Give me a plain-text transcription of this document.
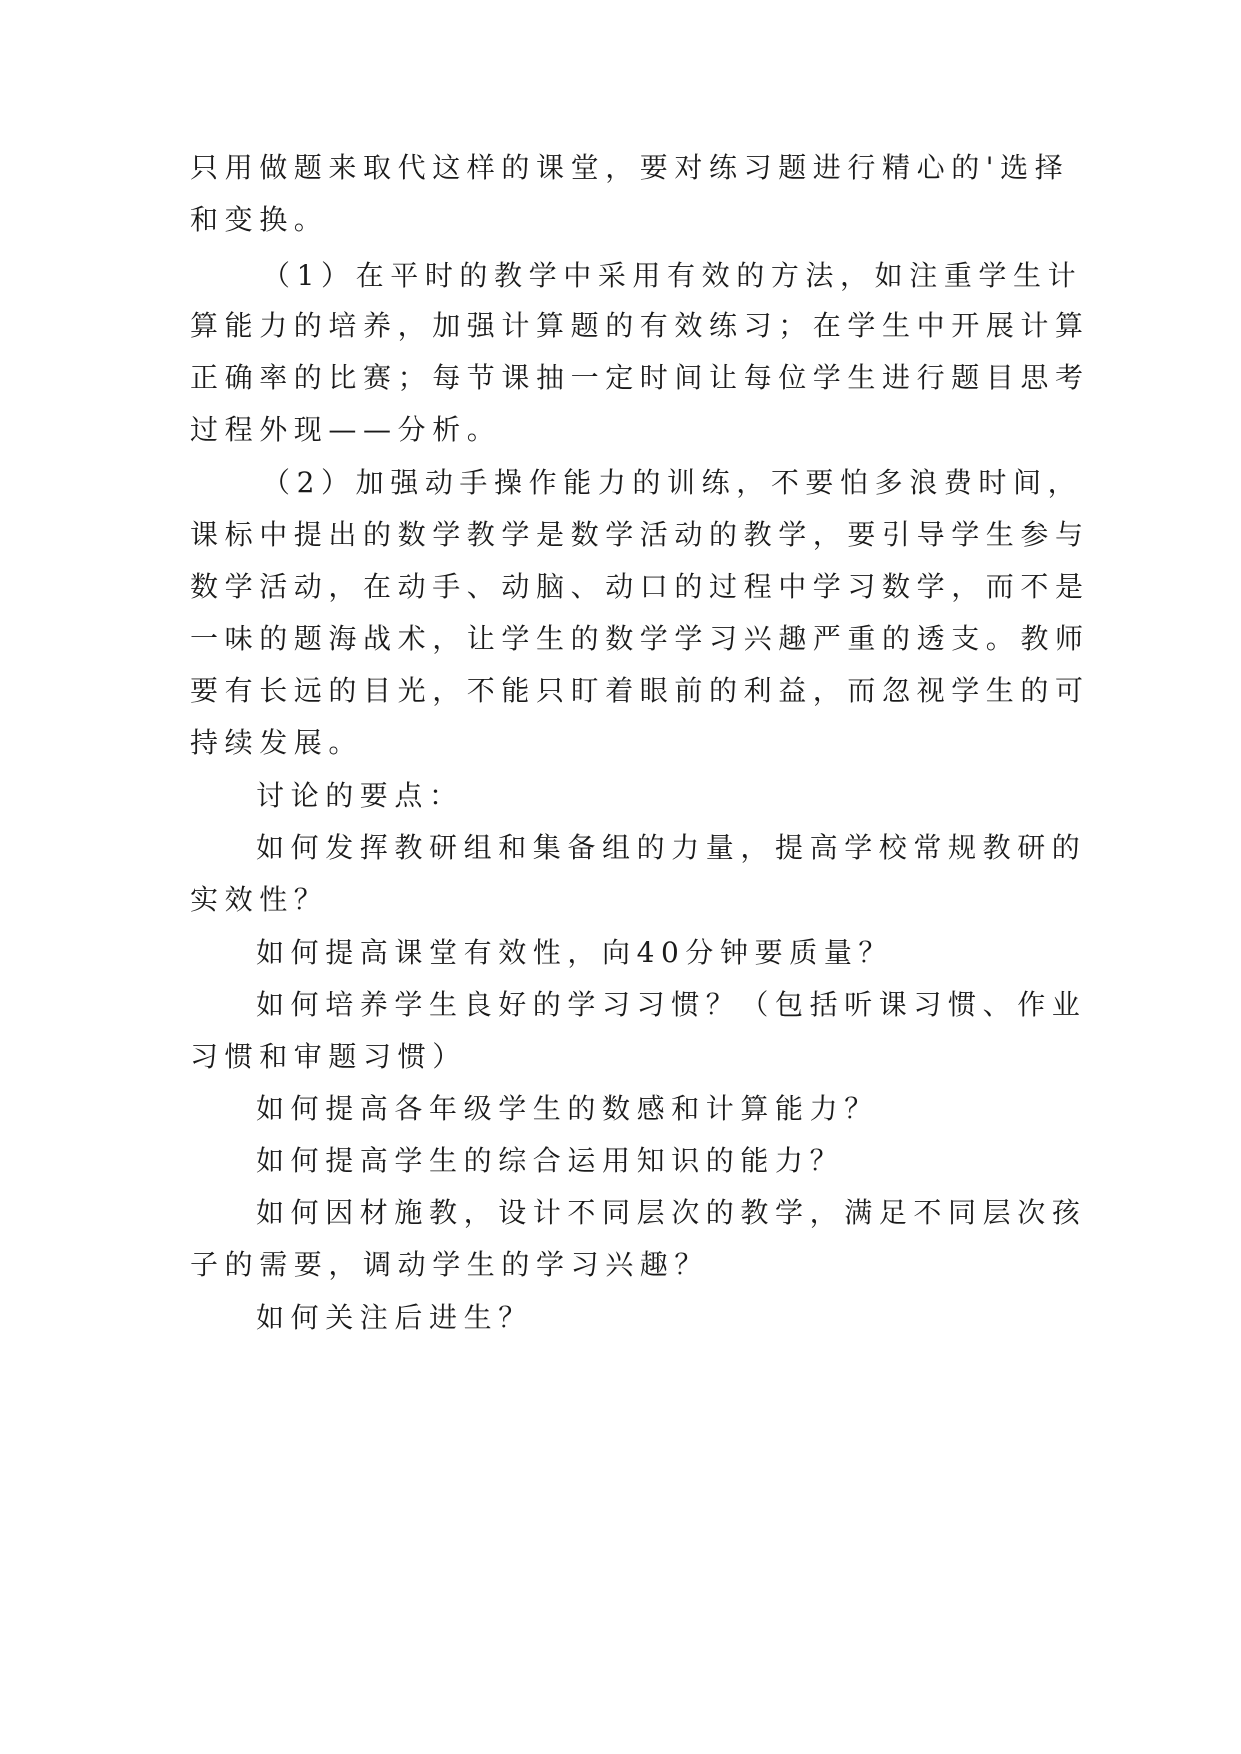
只用做题来取代这样的课堂，要对练习题进行精心的'选择
和变换。
（1）在平时的教学中采用有效的方法，如注重学生计
算能力的培养，加强计算题的有效练习；在学生中开展计算
正确率的比赛；每节课抽一定时间让每位学生进行题目思考
过程外现——分析。
（2）加强动手操作能力的训练，不要怕多浪费时间，
课标中提出的数学教学是数学活动的教学，要引导学生参与
数学活动，在动手、动脑、动口的过程中学习数学，而不是
一味的题海战术，让学生的数学学习兴趣严重的透支。教师
要有长远的目光，不能只盯着眼前的利益，而忽视学生的可
持续发展。
讨论的要点：
如何发挥教研组和集备组的力量，提高学校常规教研的
实效性？
如何提高课堂有效性，向40分钟要质量？
如何培养学生良好的学习习惯？（包括听课习惯、作业
习惯和审题习惯）
如何提高各年级学生的数感和计算能力？
如何提高学生的综合运用知识的能力？
如何因材施教，设计不同层次的教学，满足不同层次孩
子的需要，调动学生的学习兴趣？
如何关注后进生？
